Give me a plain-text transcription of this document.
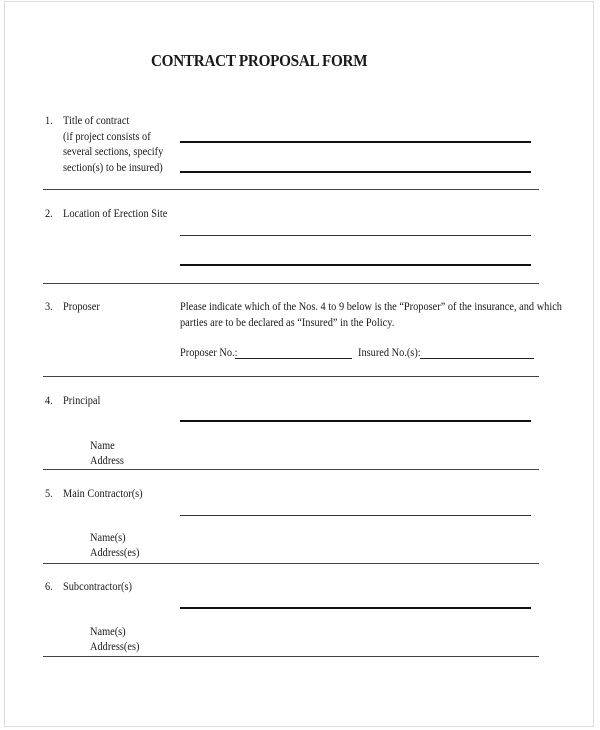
CONTRACT PROPOSAL FORM
1. Title of contract
(if project consists of
several sections, specify
section(s) to be insured)
2. Location of Erection Site
3. Proposer	Please indicate which of the Nos. 4 to 9 below is the “Proposer” of the insurance, and which
parties are to be declared as “Insured” in the Policy.
Proposer No.:	Insured No.(s):
4. Principal
Name
Address
5. Main Contractor(s)
Name(s)
Address(es)
6. Subcontractor(s)
Name(s)
Address(es)
